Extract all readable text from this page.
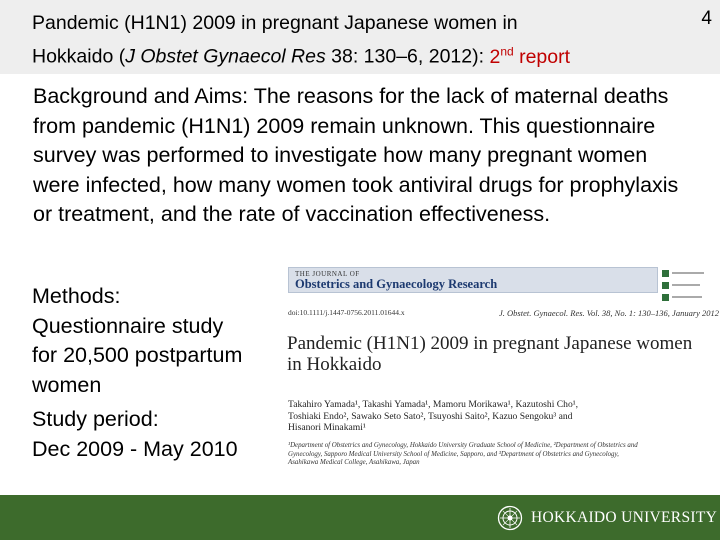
Pandemic (H1N1) 2009 in pregnant Japanese women in
Hokkaido (J Obstet Gynaecol Res 38: 130–6, 2012): 2nd report
4
Background and Aims: The reasons for the lack of maternal deaths from pandemic (H1N1) 2009 remain unknown. This questionnaire survey was performed to investigate how many pregnant women were infected, how many women took antiviral drugs for prophylaxis or treatment, and the rate of vaccination effectiveness.
Methods:
Questionnaire study
for 20,500 postpartum
women
Study period:
Dec 2009 - May 2010
THE JOURNAL OF
Obstetrics and Gynaecology Research
doi:10.1111/j.1447-0756.2011.01644.x	J. Obstet. Gynaecol. Res. Vol. 38, No. 1: 130–136, January 2012
Pandemic (H1N1) 2009 in pregnant Japanese women
in Hokkaido
Takahiro Yamada¹, Takashi Yamada¹, Mamoru Morikawa¹, Kazutoshi Cho¹,
Toshiaki Endo², Sawako Seto Sato², Tsuyoshi Saito², Kazuo Sengoku³ and
Hisanori Minakami¹
¹Department of Obstetrics and Gynecology, Hokkaido University Graduate School of Medicine, ²Department of Obstetrics and
Gynecology, Sapporo Medical University School of Medicine, Sapporo, and ³Department of Obstetrics and Gynecology,
Asahikawa Medical College, Asahikawa, Japan
HOKKAIDO UNIVERSITY
